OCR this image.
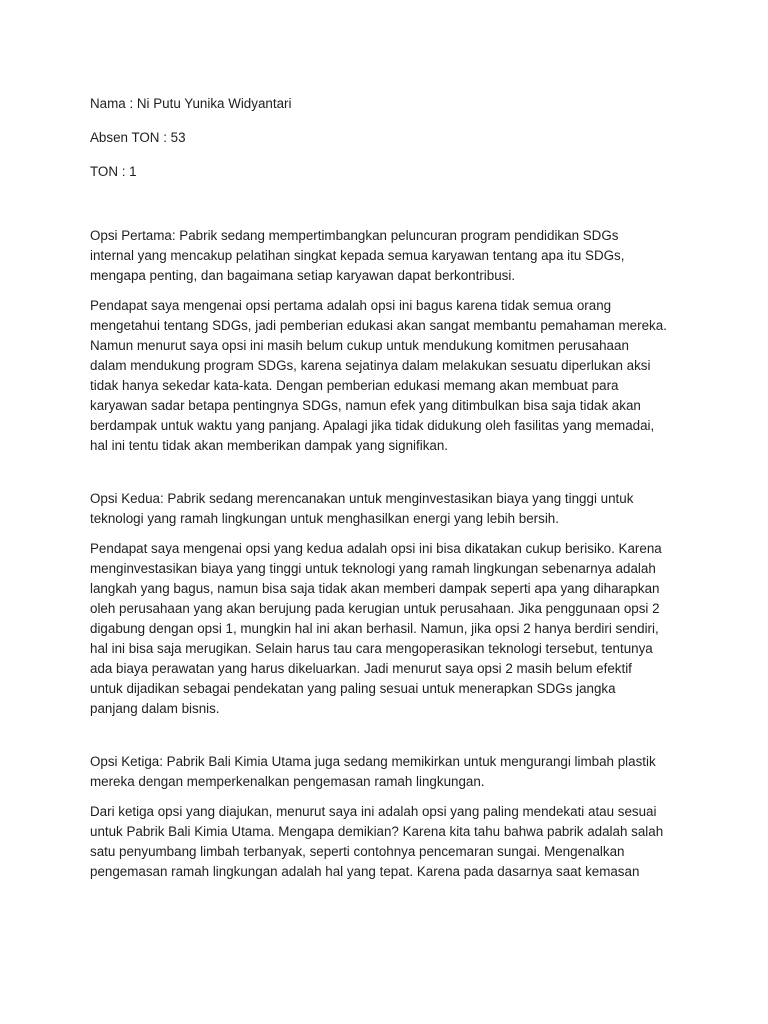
Nama : Ni Putu Yunika Widyantari
Absen TON : 53
TON : 1
Opsi Pertama: Pabrik sedang mempertimbangkan peluncuran program pendidikan SDGs
internal yang mencakup pelatihan singkat kepada semua karyawan tentang apa itu SDGs,
mengapa penting, dan bagaimana setiap karyawan dapat berkontribusi.
Pendapat saya mengenai opsi pertama adalah opsi ini bagus karena tidak semua orang
mengetahui tentang SDGs, jadi pemberian edukasi akan sangat membantu pemahaman mereka.
Namun menurut saya opsi ini masih belum cukup untuk mendukung komitmen perusahaan
dalam mendukung program SDGs, karena sejatinya dalam melakukan sesuatu diperlukan aksi
tidak hanya sekedar kata-kata. Dengan pemberian edukasi memang akan membuat para
karyawan sadar betapa pentingnya SDGs, namun efek yang ditimbulkan bisa saja tidak akan
berdampak untuk waktu yang panjang. Apalagi jika tidak didukung oleh fasilitas yang memadai,
hal ini tentu tidak akan memberikan dampak yang signifikan.
Opsi Kedua: Pabrik sedang merencanakan untuk menginvestasikan biaya yang tinggi untuk
teknologi yang ramah lingkungan untuk menghasilkan energi yang lebih bersih.
Pendapat saya mengenai opsi yang kedua adalah opsi ini bisa dikatakan cukup berisiko. Karena
menginvestasikan biaya yang tinggi untuk teknologi yang ramah lingkungan sebenarnya adalah
langkah yang bagus, namun bisa saja tidak akan memberi dampak seperti apa yang diharapkan
oleh perusahaan yang akan berujung pada kerugian untuk perusahaan. Jika penggunaan opsi 2
digabung dengan opsi 1, mungkin hal ini akan berhasil. Namun, jika opsi 2 hanya berdiri sendiri,
hal ini bisa saja merugikan. Selain harus tau cara mengoperasikan teknologi tersebut, tentunya
ada biaya perawatan yang harus dikeluarkan. Jadi menurut saya opsi 2 masih belum efektif
untuk dijadikan sebagai pendekatan yang paling sesuai untuk menerapkan SDGs jangka
panjang dalam bisnis.
Opsi Ketiga: Pabrik Bali Kimia Utama juga sedang memikirkan untuk mengurangi limbah plastik
mereka dengan memperkenalkan pengemasan ramah lingkungan.
Dari ketiga opsi yang diajukan, menurut saya ini adalah opsi yang paling mendekati atau sesuai
untuk Pabrik Bali Kimia Utama. Mengapa demikian? Karena kita tahu bahwa pabrik adalah salah
satu penyumbang limbah terbanyak, seperti contohnya pencemaran sungai. Mengenalkan
pengemasan ramah lingkungan adalah hal yang tepat. Karena pada dasarnya saat kemasan
